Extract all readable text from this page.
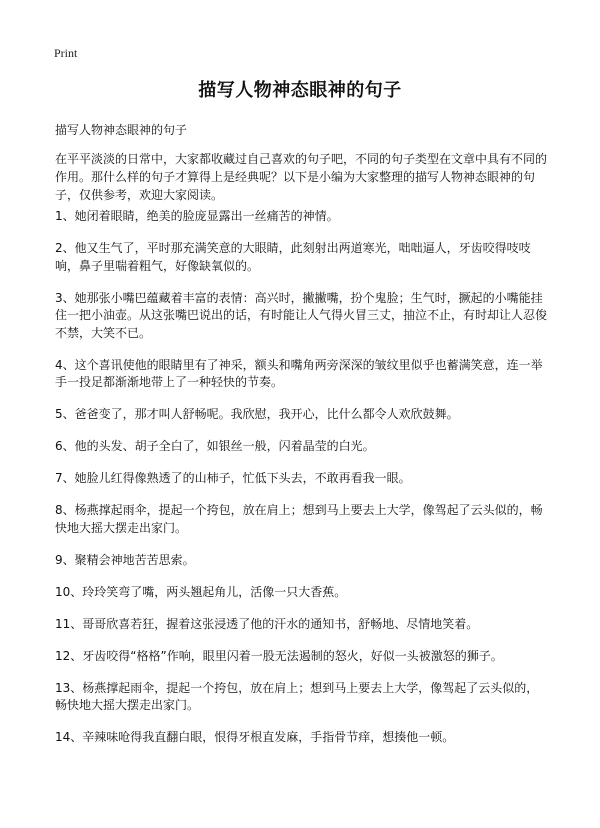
Print
描写人物神态眼神的句子
描写人物神态眼神的句子
在平平淡淡的日常中，大家都收藏过自己喜欢的句子吧，不同的句子类型在文章中具有不同的作用。那什么样的句子才算得上是经典呢？以下是小编为大家整理的描写人物神态眼神的句子，仅供参考，欢迎大家阅读。
1、她闭着眼睛，绝美的脸庞显露出一丝痛苦的神情。
2、他又生气了，平时那充满笑意的大眼睛，此刻射出两道寒光，咄咄逼人，牙齿咬得吱吱响，鼻子里喘着粗气，好像缺氧似的。
3、她那张小嘴巴蕴藏着丰富的表情：高兴时，撇撇嘴，扮个鬼脸；生气时，撅起的小嘴能挂住一把小油壶。从这张嘴巴说出的话，有时能让人气得火冒三丈，抽泣不止，有时却让人忍俊不禁，大笑不已。
4、这个喜讯使他的眼睛里有了神采，额头和嘴角两旁深深的皱纹里似乎也蓄满笑意，连一举手一投足都渐渐地带上了一种轻快的节奏。
5、爸爸变了，那才叫人舒畅呢。我欣慰，我开心，比什么都令人欢欣鼓舞。
6、他的头发、胡子全白了，如银丝一般，闪着晶莹的白光。
7、她脸儿红得像熟透了的山柿子，忙低下头去，不敢再看我一眼。
8、杨燕撑起雨伞，提起一个挎包，放在肩上；想到马上要去上大学，像驾起了云头似的，畅快地大摇大摆走出家门。
9、聚精会神地苦苦思索。
10、玲玲笑弯了嘴，两头翘起角儿，活像一只大香蕉。
11、哥哥欣喜若狂，握着这张浸透了他的汗水的通知书，舒畅地、尽情地笑着。
12、牙齿咬得“格格”作响，眼里闪着一股无法遏制的怒火，好似一头被激怒的狮子。
13、杨燕撑起雨伞，提起一个挎包，放在肩上；想到马上要去上大学，像驾起了云头似的，畅快地大摇大摆走出家门。
14、辛辣味呛得我直翻白眼，恨得牙根直发麻，手指骨节痒，想揍他一顿。
